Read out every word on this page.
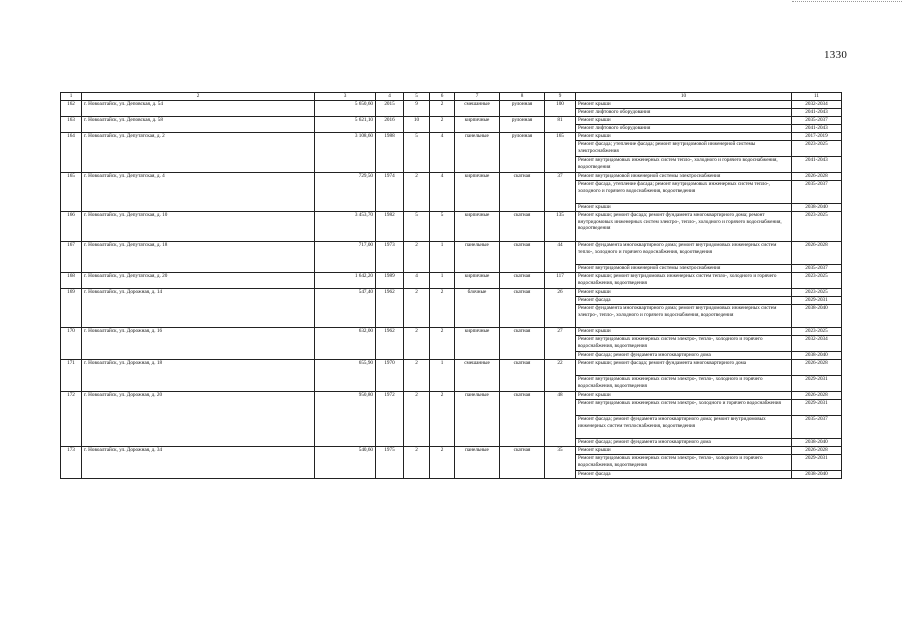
1330
1	2	3	4	5	6	7	8	9	10	11
162	г. Новоалтайск, ул. Деповская, д. 54	5 650,60	2015	9	2	смешанные	рулонная	100	Ремонт крыши	2032-2034
									Ремонт лифтового оборудования	2041-2043
163	г. Новоалтайск, ул. Деповская, д. 58	5 621,10	2016	10	2	кирпичные	рулонная	81	Ремонт крыши	2035-2037
									Ремонт лифтового оборудования	2041-2043
164	г. Новоалтайск, ул. Депутатская, д. 2	3 108,60	1988	5	4	панельные	рулонная	165	Ремонт крыши	2017-2019
									Ремонт фасада; утепление фасада; ремонт внутридомовой инженерной системы электроснабжения	2023-2025
									Ремонт внутридомовых инженерных систем тепло-, холодного и горячего водоснабжения, водоотведения	2041-2043
165	г. Новоалтайск, ул. Депутатская, д. 4	729,50	1974	2	4	кирпичные	скатная	37	Ремонт внутридомовой инженерной системы электроснабжения	2026-2028
									Ремонт фасада, утепление фасада; ремонт внутридомовых инженерных систем тепло-, холодного и горячего водоснабжения, водоотведения	2035-2037
									Ремонт крыши	2038-2040
166	г. Новоалтайск, ул. Депутатская, д. 10	3 453,70	1982	5	5	кирпичные	скатная	135	Ремонт крыши; ремонт фасада; ремонт фундамента многоквартирного дома; ремонт внутридомовых инженерных систем электро-, тепло-, холодного и горячего водоснабжения, водоотведения	2023-2025
167	г. Новоалтайск, ул. Депутатская, д. 18	717,00	1973	2	1	панельные	скатная	44	Ремонт фундамента многоквартирного дома; ремонт внутридомовых инженерных систем тепло-, холодного и горячего водоснабжения, водоотведения	2026-2028
									Ремонт внутридомовой инженерной системы электроснабжения	2035-2037
168	г. Новоалтайск, ул. Депутатская, д. 20	1 642,20	1989	4	1	кирпичные	скатная	117	Ремонт крыши; ремонт внутридомовых инженерных систем тепло-, холодного и горячего водоснабжения, водоотведения	2023-2025
169	г. Новоалтайск, ул. Дорожная, д. 14	547,40	1962	2	2	блочные	скатная	26	Ремонт крыши	2023-2025
									Ремонт фасада	2029-2031
									Ремонт фундамента многоквартирного дома; ремонт внутридомовых инженерных систем электро-, тепло-, холодного и горячего водоснабжения, водоотведения	2038-2040
170	г. Новоалтайск, ул. Дорожная, д. 16	632,00	1962	2	2	кирпичные	скатная	27	Ремонт крыши	2023-2025
									Ремонт внутридомовых инженерных систем электро-, тепло-, холодного и горячего водоснабжения, водоотведения	2032-2034
									Ремонт фасада; ремонт фундамента многоквартирного дома	2038-2040
171	г. Новоалтайск, ул. Дорожная, д. 18	655,90	1970	2	1	смешанные	скатная	22	Ремонт крыши; ремонт фасада; ремонт фундамента многоквартирного дома	2026-2028
									Ремонт внутридомовых инженерных систем электро-, тепло-, холодного и горячего водоснабжения, водоотведения	2029-2031
172	г. Новоалтайск, ул. Дорожная, д. 20	950,80	1972	2	2	панельные	скатная	48	Ремонт крыши	2026-2028
									Ремонт внутридомовых инженерных систем электро-, холодного и горячего водоснабжения	2029-2031
									Ремонт фасада; ремонт фундамента многоквартирного дома; ремонт внутридомовых инженерных систем теплоснабжения, водоотведения	2035-2037
									Ремонт фасада; ремонт фундамента многоквартирного дома	2038-2040
173	г. Новоалтайск, ул. Дорожная, д. 34	540,60	1975	2	2	панельные	скатная	35	Ремонт крыши	2026-2028
									Ремонт внутридомовых инженерных систем электро-, тепло-, холодного и горячего водоснабжения, водоотведения	2029-2031
									Ремонт фасада	2038-2040
